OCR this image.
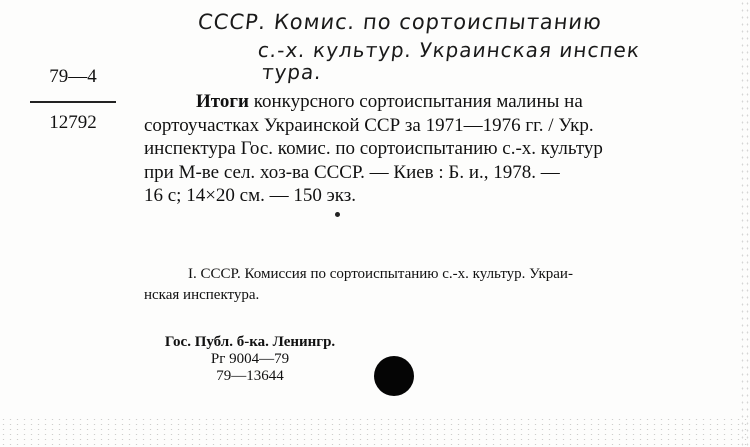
СССР. Комис. по сортоиспытанию
с.-х. культур. Украинская инспек
тура.
79—4
12792
Итоги конкурсного сортоиспытания малины на
сортоучастках Украинской ССР за 1971—1976 гг. / Укр.
инспектура Гос. комис. по сортоиспытанию с.-х. культур
при М-ве сел. хоз-ва СССР. — Киев : Б. и., 1978. —
16 с; 14×20 см. — 150 экз.
I. СССР. Комиссия по сортоиспытанию с.-х. культур. Украи-
нская инспектура.
Гос. Публ. б-ка. Ленингр.
Рг 9004—79
79—13644
